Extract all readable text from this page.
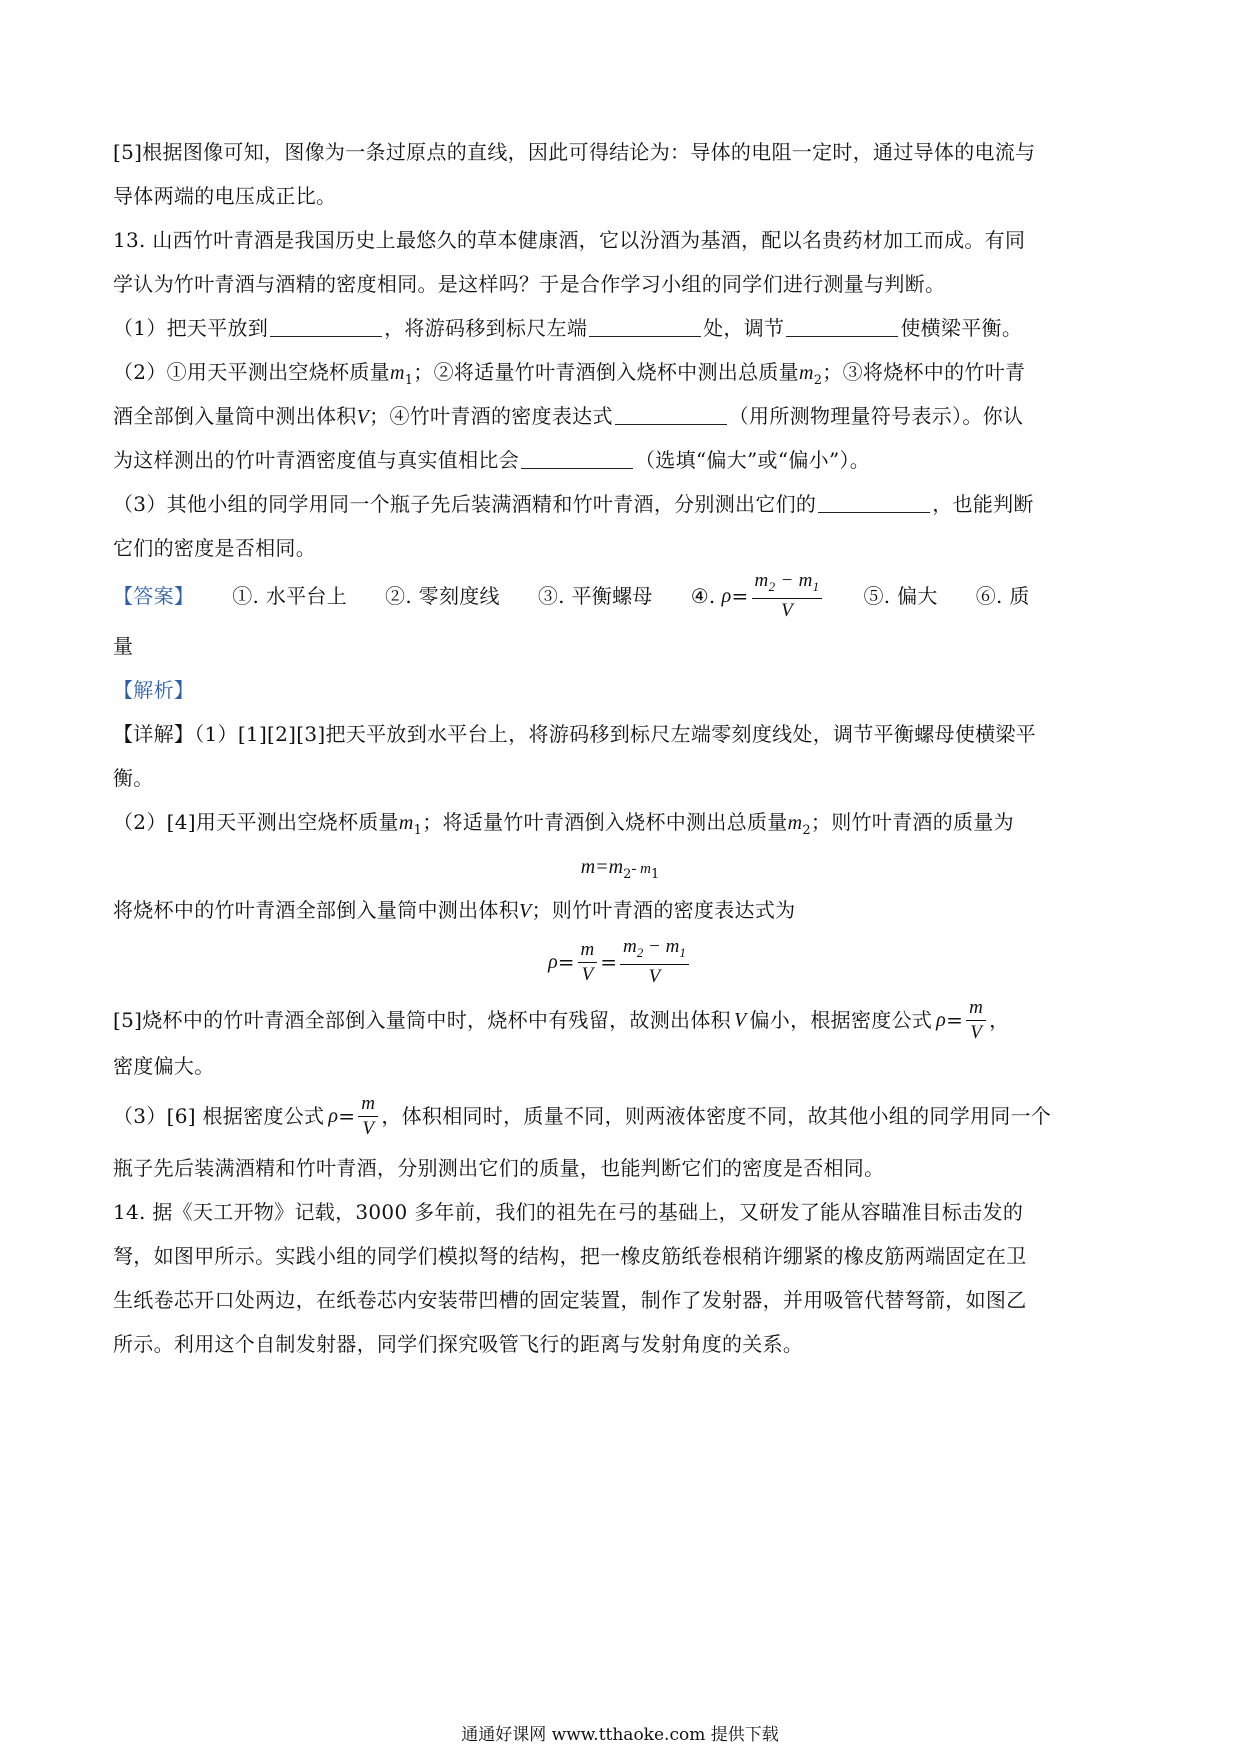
[5]根据图像可知，图像为一条过原点的直线，因此可得结论为：导体的电阻一定时，通过导体的电流与
导体两端的电压成正比。
13. 山西竹叶青酒是我国历史上最悠久的草本健康酒，它以汾酒为基酒，配以名贵药材加工而成。有同
学认为竹叶青酒与酒精的密度相同。是这样吗？于是合作学习小组的同学们进行测量与判断。
（1）把天平放到	，将游码移到标尺左端	处，调节	使横梁平衡。
（2）①用天平测出空烧杯质量$m_1$；②将适量竹叶青酒倒入烧杯中测出总质量$m_2$；③将烧杯中的竹叶青
酒全部倒入量筒中测出体积V；④竹叶青酒的密度表达式	（用所测物理量符号表示）。你认
为这样测出的竹叶青酒密度值与真实值相比会	（选填“偏大”或“偏小”）。
（3）其他小组的同学用同一个瓶子先后装满酒精和竹叶青酒，分别测出它们的	，也能判断
它们的密度是否相同。
【答案】 ①. 水平台上 ②. 零刻度线 ③. 平衡螺母 ④. $\rho = \frac{m_2 - m_1}{V}$ ⑤. 偏大 ⑥. 质
量
【解析】
【详解】（1）[1][2][3]把天平放到水平台上，将游码移到标尺左端零刻度线处，调节平衡螺母使横梁平
衡。
（2）[4]用天平测出空烧杯质量$m_1$；将适量竹叶青酒倒入烧杯中测出总质量$m_2$；则竹叶青酒的质量为
$m=m_2-$ $m_1$
将烧杯中的竹叶青酒全部倒入量筒中测出体积V；则竹叶青酒的密度表达式为
$\rho = \frac{m}{V} = \frac{m_2 - m_1}{V}$
[5]烧杯中的竹叶青酒全部倒入量筒中时，烧杯中有残留，故测出体积 V 偏小，根据密度公式 $\rho = \frac{m}{V}$ ，
密度偏大。
（3）[6] 根据密度公式 $\rho = \frac{m}{V}$ ，体积相同时，质量不同，则两液体密度不同，故其他小组的同学用同一个
瓶子先后装满酒精和竹叶青酒，分别测出它们的质量，也能判断它们的密度是否相同。
14. 据《天工开物》记载，3000 多年前，我们的祖先在弓的基础上，又研发了能从容瞄准目标击发的
弩，如图甲所示。实践小组的同学们模拟弩的结构，把一橡皮筋纸卷根稍许绷紧的橡皮筋两端固定在卫
生纸卷芯开口处两边，在纸卷芯内安装带凹槽的固定装置，制作了发射器，并用吸管代替弩箭，如图乙
所示。利用这个自制发射器，同学们探究吸管飞行的距离与发射角度的关系。
通通好课网 www.tthaoke.com 提供下载
